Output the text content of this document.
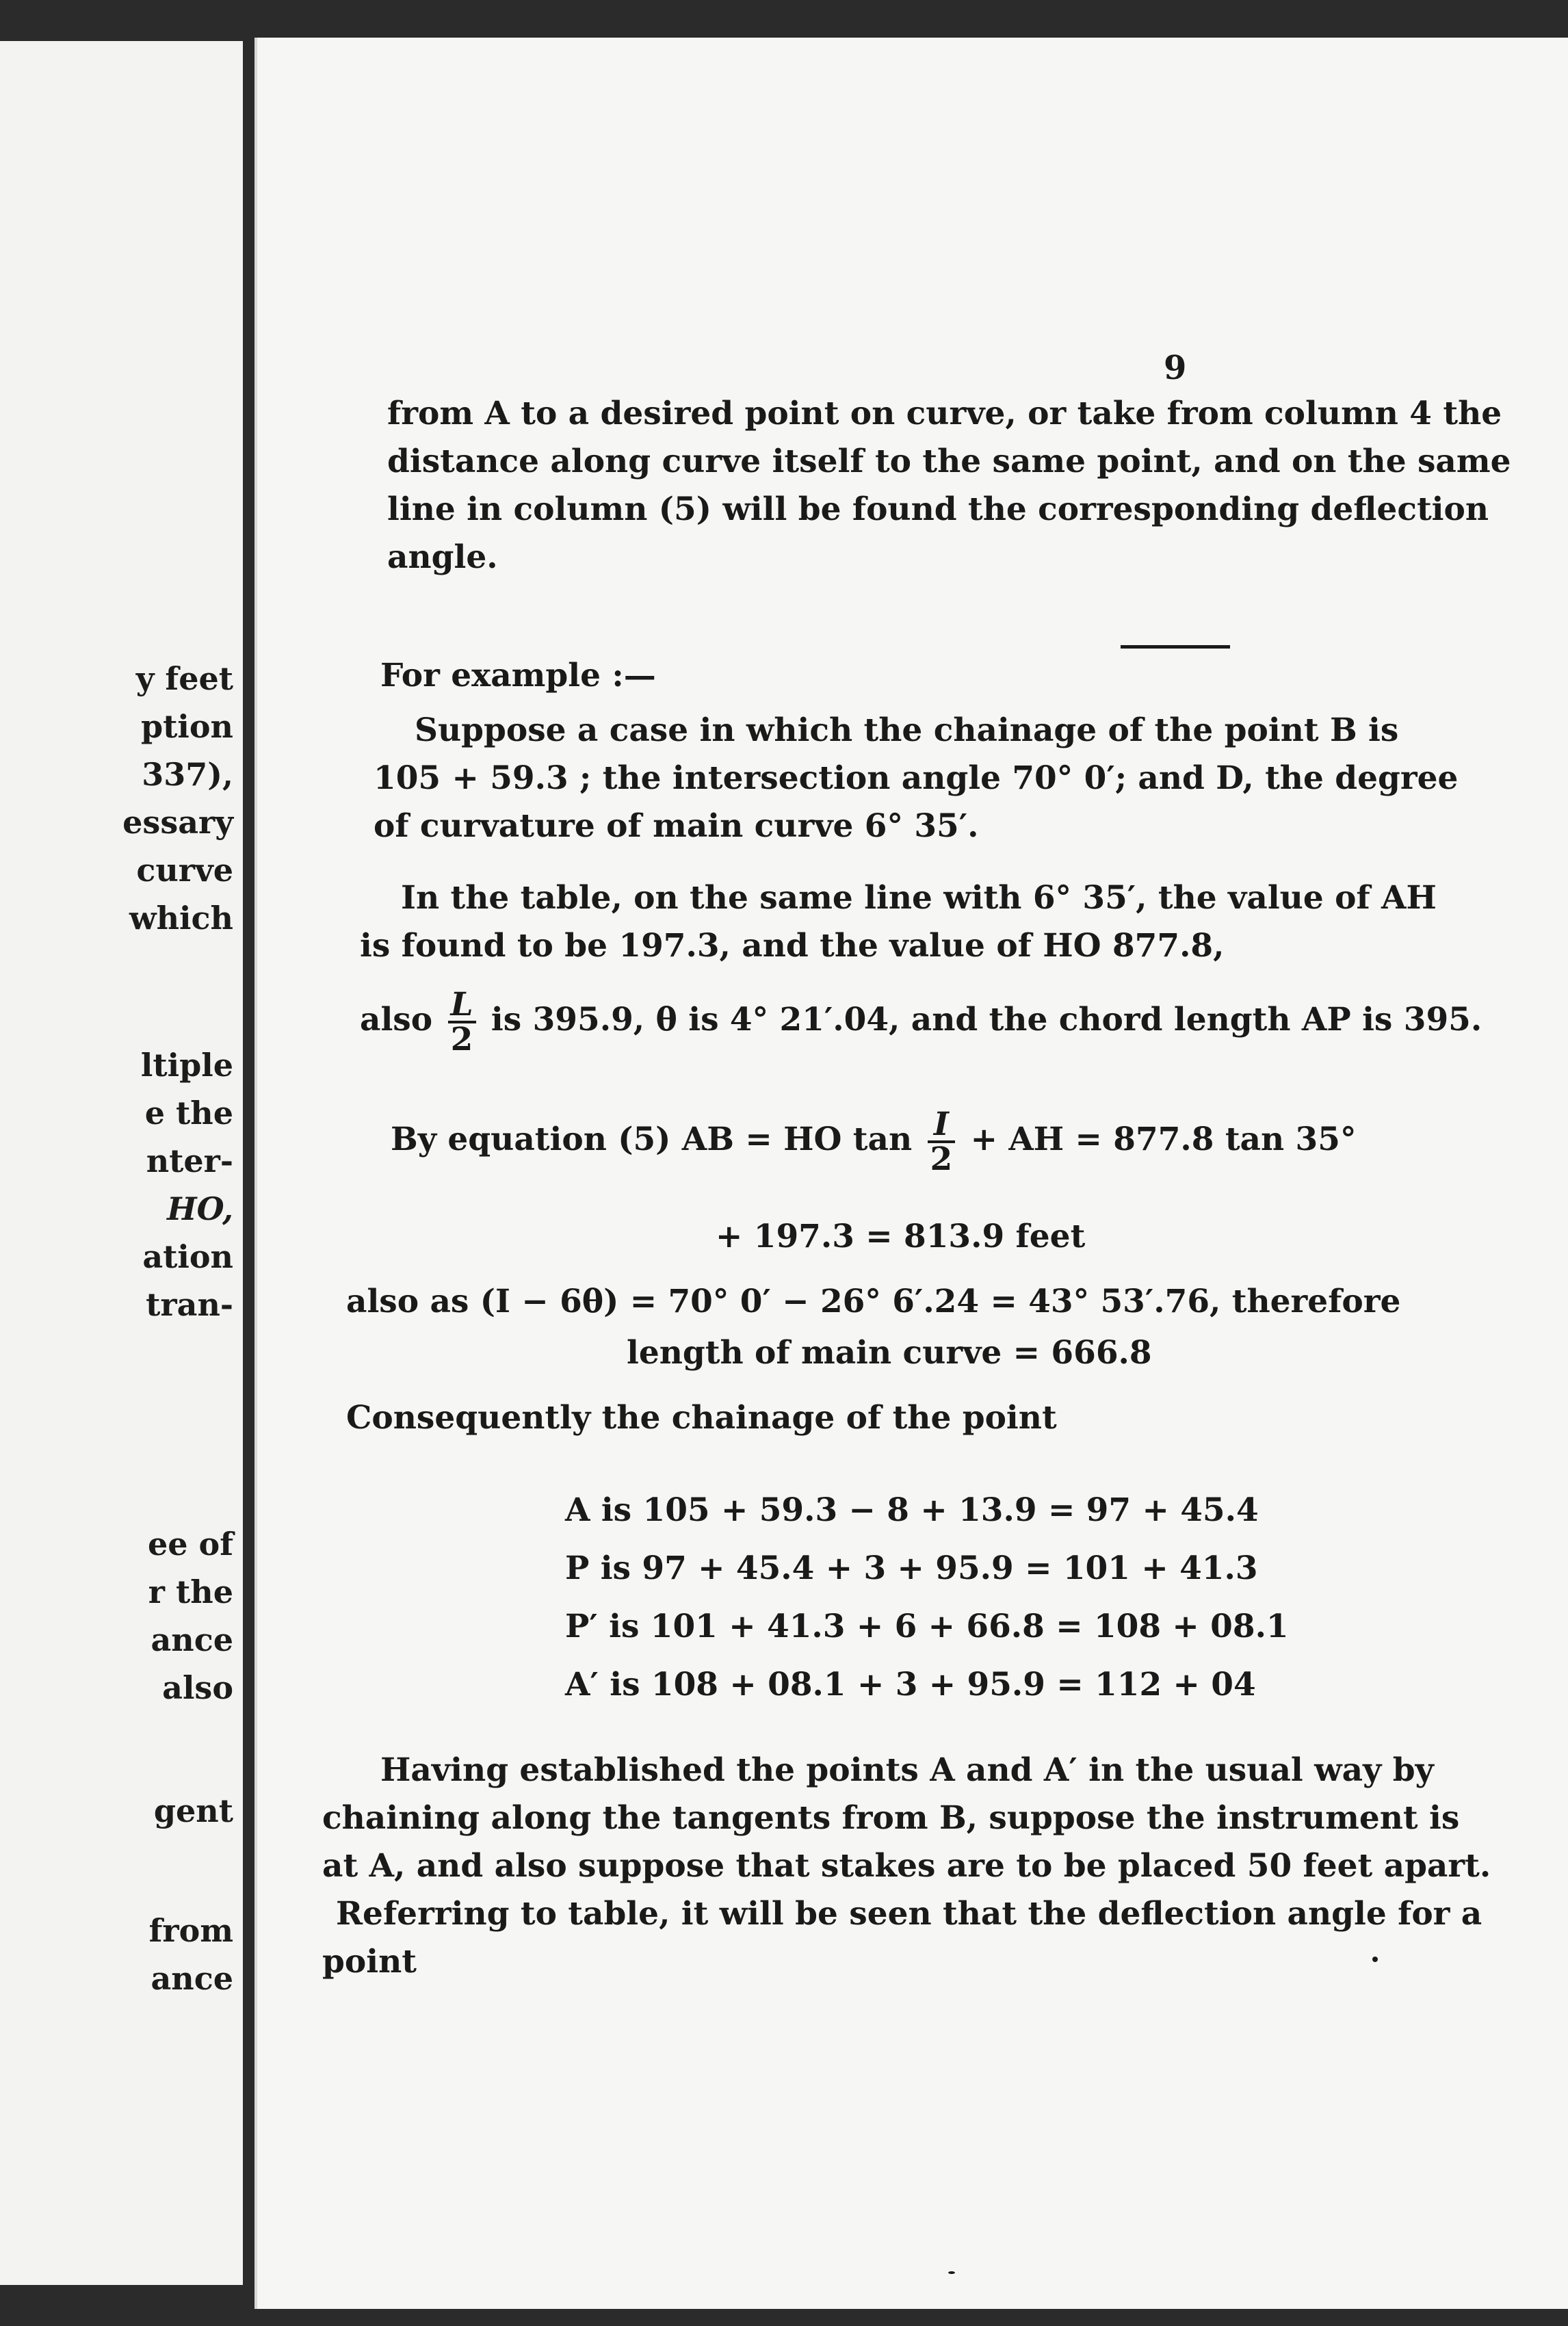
y feet
ption
337),
essary
curve
which
ltiple
e the
nter-
HO,
ation
tran-
ee of
r the
ance
also
gent
from
ance
9
from A to a desired point on curve, or take from column 4 the
distance along curve itself to the same point, and on the same
line in column (5) will be found the corresponding deflection
angle.
For example :—
Suppose a case in which the chainage of the point B is
105 + 59.3 ; the intersection angle 70° 0′; and D, the degree
of curvature of main curve 6° 35′.
In the table, on the same line with 6° 35′, the value of AH
is found to be 197.3, and the value of HO 877.8,
also $\frac{L}{2}$ is 395.9, θ is 4° 21′.04, and the chord length AP is 395.
By equation (5) AB = HO $\tan \frac{I}{2}$ + AH = 877.8 tan 35°
+ 197.3 = 813.9 feet
also as (I − 6θ) = 70° 0′ − 26° 6′.24 = 43° 53′.76, therefore
length of main curve = 666.8
Consequently the chainage of the point
A is 105 + 59.3 − 8 + 13.9 = 97 + 45.4
P is 97 + 45.4 + 3 + 95.9 = 101 + 41.3
P′ is 101 + 41.3 + 6 + 66.8 = 108 + 08.1
A′ is 108 + 08.1 + 3 + 95.9 = 112 + 04
Having established the points A and A′ in the usual way by
chaining along the tangents from B, suppose the instrument is
at A, and also suppose that stakes are to be placed 50 feet apart.
Referring to table, it will be seen that the deflection angle for a
point
